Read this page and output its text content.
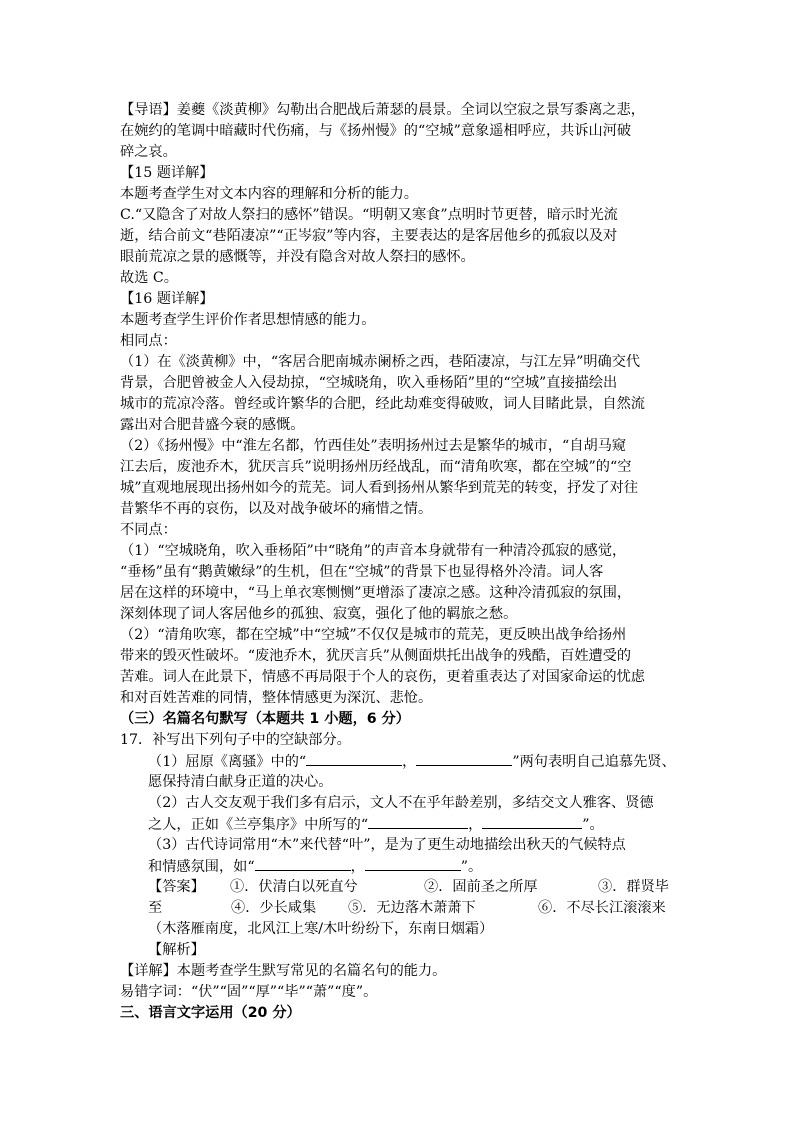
【导语】姜夔《淡黄柳》勾勒出合肥战后萧瑟的晨景。全词以空寂之景写黍离之悲，
在婉约的笔调中暗藏时代伤痛，与《扬州慢》的“空城”意象遥相呼应，共诉山河破
碎之哀。
【15 题详解】
本题考查学生对文本内容的理解和分析的能力。
C.“又隐含了对故人祭扫的感怀”错误。“明朝又寒食”点明时节更替，暗示时光流
逝，结合前文“巷陌凄凉”“正岑寂”等内容，主要表达的是客居他乡的孤寂以及对
眼前荒凉之景的感慨等，并没有隐含对故人祭扫的感怀。
故选 C。
【16 题详解】
本题考查学生评价作者思想情感的能力。
相同点：
（1）在《淡黄柳》中，“客居合肥南城赤阑桥之西，巷陌凄凉，与江左异”明确交代
背景，合肥曾被金人入侵劫掠，“空城晓角，吹入垂杨陌”里的“空城”直接描绘出
城市的荒凉冷落。曾经或许繁华的合肥，经此劫难变得破败，词人目睹此景，自然流
露出对合肥昔盛今衰的感慨。
（2）《扬州慢》中“淮左名都，竹西佳处”表明扬州过去是繁华的城市，“自胡马窥
江去后，废池乔木，犹厌言兵”说明扬州历经战乱，而“清角吹寒，都在空城”的“空
城”直观地展现出扬州如今的荒芜。词人看到扬州从繁华到荒芜的转变，抒发了对往
昔繁华不再的哀伤，以及对战争破坏的痛惜之情。
不同点：
（1）“空城晓角，吹入垂杨陌”中“晓角”的声音本身就带有一种清冷孤寂的感觉，
“垂杨”虽有“鹅黄嫩绿”的生机，但在“空城”的背景下也显得格外冷清。词人客
居在这样的环境中，“马上单衣寒恻恻”更增添了凄凉之感。这种冷清孤寂的氛围，
深刻体现了词人客居他乡的孤独、寂寞，强化了他的羁旅之愁。
（2）“清角吹寒，都在空城”中“空城”不仅仅是城市的荒芜，更反映出战争给扬州
带来的毁灭性破坏。“废池乔木，犹厌言兵”从侧面烘托出战争的残酷，百姓遭受的
苦难。词人在此景下，情感不再局限于个人的哀伤，更着重表达了对国家命运的忧虑
和对百姓苦难的同情，整体情感更为深沉、悲怆。
（三）名篇名句默写（本题共 1 小题，6 分）
17．补写出下列句子中的空缺部分。
（1）屈原《离骚》中的“	，	”两句表明自己追慕先贤、
愿保持清白献身正道的决心。
（2）古人交友观于我们多有启示，文人不在乎年龄差别，多结交文人雅客、贤德
之人，正如《兰亭集序》中所写的“	，	”。
（3）古代诗词常用“木”来代替“叶”，是为了更生动地描绘出秋天的气候特点
和情感氛围，如“	，	”。
【答案】 ①．伏清白以死直兮	②．固前圣之所厚	③．群贤毕
至	④．少长咸集 ⑤．无边落木萧萧下	⑥．不尽长江滚滚来
（木落雁南度，北风江上寒/木叶纷纷下，东南日烟霜）
【解析】
【详解】本题考查学生默写常见的名篇名句的能力。
易错字词：“伏”“固”“厚”“毕”“萧”“度”。
三、语言文字运用（20 分）
